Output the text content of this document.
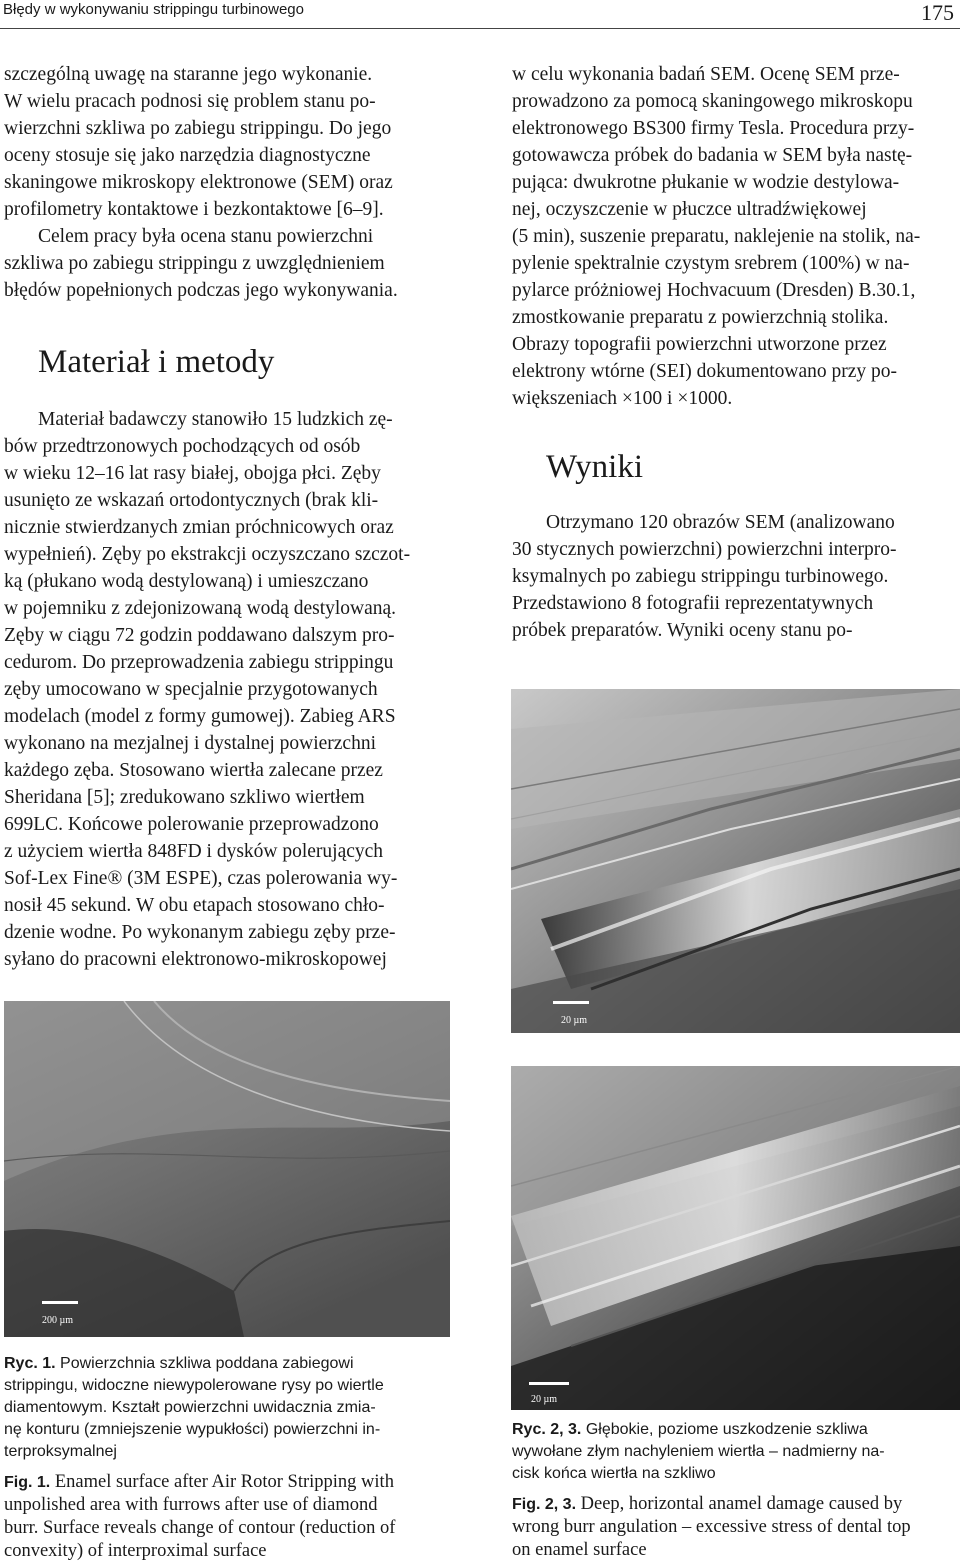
Błędy w wykonywaniu strippingu turbinowego	175
szczególną uwagę na staranne jego wykonanie.
W wielu pracach podnosi się problem stanu po-
wierzchni szkliwa po zabiegu strippingu. Do jego
oceny stosuje się jako narzędzia diagnostyczne
skaningowe mikroskopy elektronowe (SEM) oraz
profilometry kontaktowe i bezkontaktowe [6–9].
Celem pracy była ocena stanu powierzchni
szkliwa po zabiegu strippingu z uwzględnieniem
błędów popełnionych podczas jego wykonywania.
Materiał i metody
Materiał badawczy stanowiło 15 ludzkich zę-
bów przedtrzonowych pochodzących od osób
w wieku 12–16 lat rasy białej, obojga płci. Zęby
usunięto ze wskazań ortodontycznych (brak kli-
nicznie stwierdzanych zmian próchnicowych oraz
wypełnień). Zęby po ekstrakcji oczyszczano szczot-
ką (płukano wodą destylowaną) i umieszczano
w pojemniku z zdejonizowaną wodą destylowaną.
Zęby w ciągu 72 godzin poddawano dalszym pro-
cedurom. Do przeprowadzenia zabiegu strippingu
zęby umocowano w specjalnie przygotowanych
modelach (model z formy gumowej). Zabieg ARS
wykonano na mezjalnej i dystalnej powierzchni
każdego zęba. Stosowano wiertła zalecane przez
Sheridana [5]; zredukowano szkliwo wiertłem
699LC. Końcowe polerowanie przeprowadzono
z użyciem wiertła 848FD i dysków polerujących
Sof-Lex Fine® (3M ESPE), czas polerowania wy-
nosił 45 sekund. W obu etapach stosowano chło-
dzenie wodne. Po wykonanym zabiegu zęby prze-
syłano do pracowni elektronowo-mikroskopowej
w celu wykonania badań SEM. Ocenę SEM prze-
prowadzono za pomocą skaningowego mikroskopu
elektronowego BS300 firmy Tesla. Procedura przy-
gotowawcza próbek do badania w SEM była nastę-
pująca: dwukrotne płukanie w wodzie destylowa-
nej, oczyszczenie w płuczce ultradźwiękowej
(5 min), suszenie preparatu, naklejenie na stolik, na-
pylenie spektralnie czystym srebrem (100%) w na-
pylarce próżniowej Hochvacuum (Dresden) B.30.1,
zmostkowanie preparatu z powierzchnią stolika.
Obrazy topografii powierzchni utworzone przez
elektrony wtórne (SEI) dokumentowano przy po-
większeniach ×100 i ×1000.
Wyniki
Otrzymano 120 obrazów SEM (analizowano
30 stycznych powierzchni) powierzchni interpro-
ksymalnych po zabiegu strippingu turbinowego.
Przedstawiono 8 fotografii reprezentatywnych
próbek preparatów. Wyniki oceny stanu po-
20 µm
200 µm
20 µm
Ryc. 1. Powierzchnia szkliwa poddana zabiegowi
strippingu, widoczne niewypolerowane rysy po wiertle
diamentowym. Kształt powierzchni uwidacznia zmia-
nę konturu (zmniejszenie wypukłości) powierzchni in-
terproksymalnej
Fig. 1. Enamel surface after Air Rotor Stripping with
unpolished area with furrows after use of diamond
burr. Surface reveals change of contour (reduction of
convexity) of interproximal surface
Ryc. 2, 3. Głębokie, poziome uszkodzenie szkliwa
wywołane złym nachyleniem wiertła – nadmierny na-
cisk końca wiertła na szkliwo
Fig. 2, 3. Deep, horizontal anamel damage caused by
wrong burr angulation – excessive stress of dental top
on enamel surface
